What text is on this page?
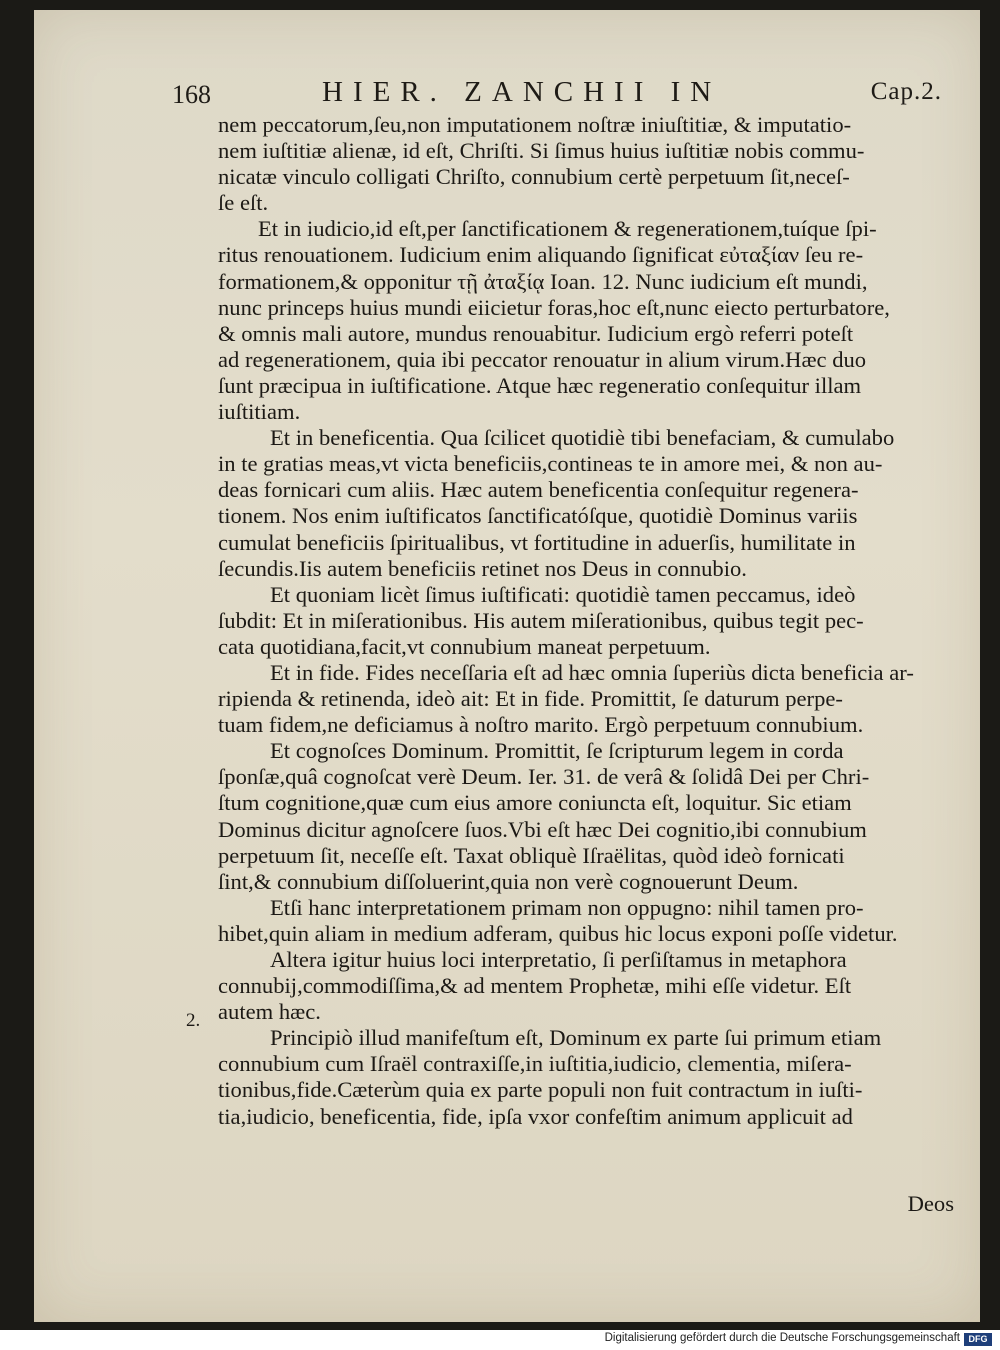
168	HIER. ZANCHII IN	Cap.2.
nem peccatorum,ſeu,non imputationem noſtræ iniuſtitiæ, & imputatio-
nem iuſtitiæ alienæ, id eſt, Chriſti. Si ſimus huius iuſtitiæ nobis commu-
nicatæ vinculo colligati Chriſto, connubium certè perpetuum ſit,neceſ-
ſe eſt.
Et in iudicio,id eſt,per ſanctificationem & regenerationem,tuíque ſpi-
ritus renouationem. Iudicium enim aliquando ſignificat εὐταξίαν ſeu re-
formationem,& opponitur τῇ ἀταξίᾳ Ioan. 12. Nunc iudicium eſt mundi,
nunc princeps huius mundi eiicietur foras,hoc eſt,nunc eiecto perturbatore,
& omnis mali autore, mundus renouabitur. Iudicium ergò referri poteſt
ad regenerationem, quia ibi peccator renouatur in alium virum.Hæc duo
ſunt præcipua in iuſtificatione. Atque hæc regeneratio conſequitur illam
iuſtitiam.
Et in beneficentia. Qua ſcilicet quotidiè tibi benefaciam, & cumulabo
in te gratias meas,vt victa beneficiis,contineas te in amore mei, & non au-
deas fornicari cum aliis. Hæc autem beneficentia conſequitur regenera-
tionem. Nos enim iuſtificatos ſanctificatóſque, quotidiè Dominus variis
cumulat beneficiis ſpiritualibus, vt fortitudine in aduerſis, humilitate in
ſecundis.Iis autem beneficiis retinet nos Deus in connubio.
Et quoniam licèt ſimus iuſtificati: quotidiè tamen peccamus, ideò
ſubdit: Et in miſerationibus. His autem miſerationibus, quibus tegit pec-
cata quotidiana,facit,vt connubium maneat perpetuum.
Et in fide. Fides neceſſaria eſt ad hæc omnia ſuperiùs dicta beneficia ar-
ripienda & retinenda, ideò ait: Et in fide. Promittit, ſe daturum perpe-
tuam fidem,ne deficiamus à noſtro marito. Ergò perpetuum connubium.
Et cognoſces Dominum. Promittit, ſe ſcripturum legem in corda
ſponſæ,quâ cognoſcat verè Deum. Ier. 31. de verâ & ſolidâ Dei per Chri-
ſtum cognitione,quæ cum eius amore coniuncta eſt, loquitur. Sic etiam
Dominus dicitur agnoſcere ſuos.Vbi eſt hæc Dei cognitio,ibi connubium
perpetuum ſit, neceſſe eſt. Taxat obliquè Iſraëlitas, quòd ideò fornicati
ſint,& connubium diſſoluerint,quia non verè cognouerunt Deum.
Etſi hanc interpretationem primam non oppugno: nihil tamen pro-
hibet,quin aliam in medium adferam, quibus hic locus exponi poſſe videtur.
Altera igitur huius loci interpretatio, ſi perſiſtamus in metaphora
connubij,commodiſſima,& ad mentem Prophetæ, mihi eſſe videtur. Eſt
autem hæc.
Principiò illud manifeſtum eſt, Dominum ex parte ſui primum etiam
connubium cum Iſraël contraxiſſe,in iuſtitia,iudicio, clementia, miſera-
tionibus,fide.Cæterùm quia ex parte populi non fuit contractum in iuſti-
tia,iudicio, beneficentia, fide, ipſa vxor confeſtim animum applicuit ad
2.
Deos
Digitalisierung gefördert durch die Deutsche Forschungsgemeinschaft DFG
